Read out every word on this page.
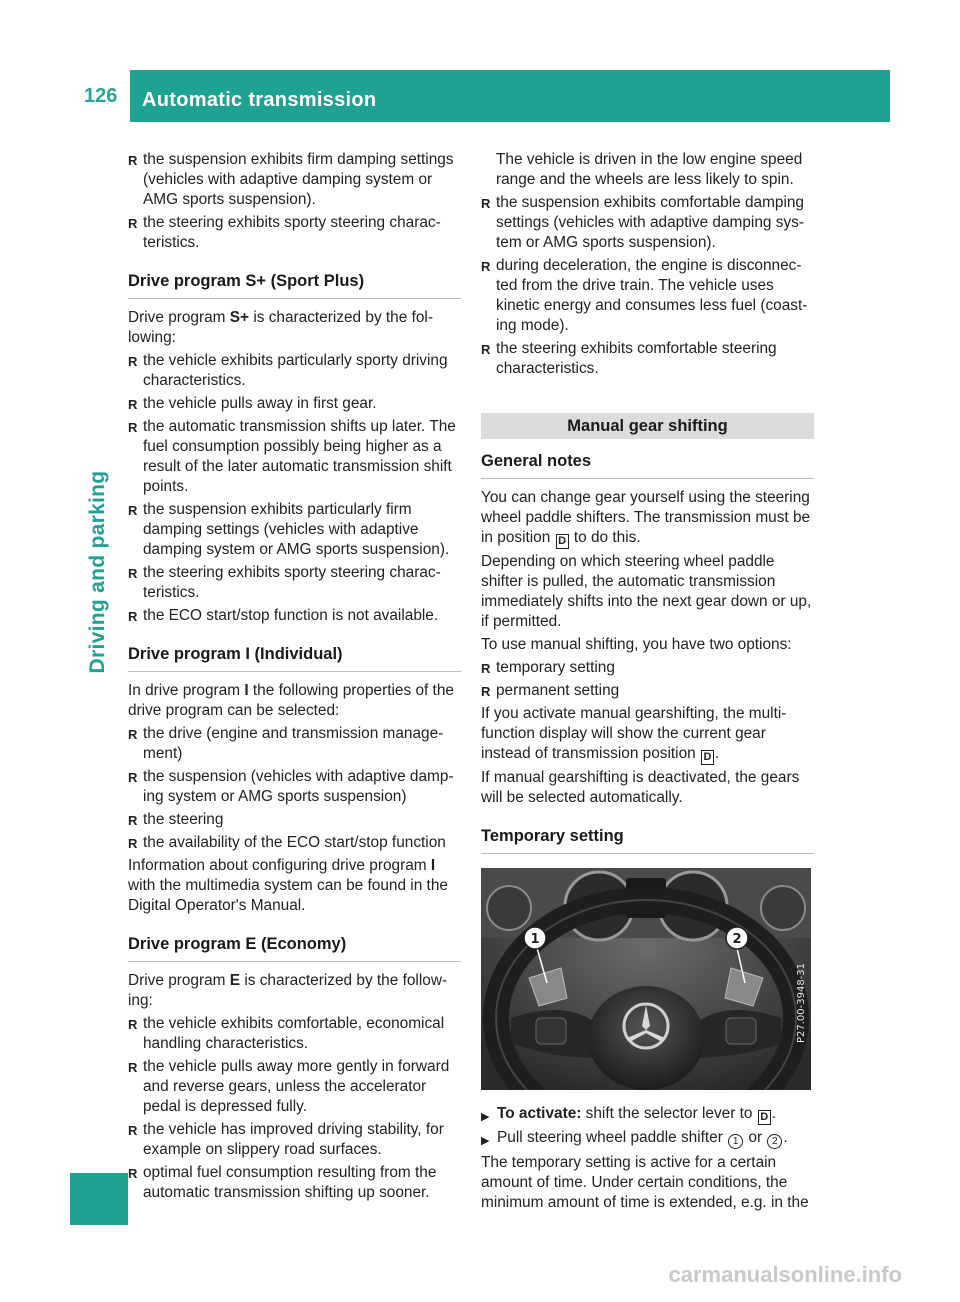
126	Automatic transmission
Driving and parking
R the suspension exhibits firm damping settings (vehicles with adaptive damping system or AMG sports suspension).
R the steering exhibits sporty steering characteristics.
Drive program S+ (Sport Plus)
Drive program S+ is characterized by the following:
R the vehicle exhibits particularly sporty driving characteristics.
R the vehicle pulls away in first gear.
R the automatic transmission shifts up later. The fuel consumption possibly being higher as a result of the later automatic transmission shift points.
R the suspension exhibits particularly firm damping settings (vehicles with adaptive damping system or AMG sports suspension).
R the steering exhibits sporty steering characteristics.
R the ECO start/stop function is not available.
Drive program I (Individual)
In drive program I the following properties of the drive program can be selected:
R the drive (engine and transmission management)
R the suspension (vehicles with adaptive damping system or AMG sports suspension)
R the steering
R the availability of the ECO start/stop function
Information about configuring drive program I with the multimedia system can be found in the Digital Operator's Manual.
Drive program E (Economy)
Drive program E is characterized by the following:
R the vehicle exhibits comfortable, economical handling characteristics.
R the vehicle pulls away more gently in forward and reverse gears, unless the accelerator pedal is depressed fully.
R the vehicle has improved driving stability, for example on slippery road surfaces.
R optimal fuel consumption resulting from the automatic transmission shifting up sooner.
The vehicle is driven in the low engine speed range and the wheels are less likely to spin.
R the suspension exhibits comfortable damping settings (vehicles with adaptive damping system or AMG sports suspension).
R during deceleration, the engine is disconnected from the drive train. The vehicle uses kinetic energy and consumes less fuel (coasting mode).
R the steering exhibits comfortable steering characteristics.
Manual gear shifting
General notes
You can change gear yourself using the steering wheel paddle shifters. The transmission must be in position D to do this.
Depending on which steering wheel paddle shifter is pulled, the automatic transmission immediately shifts into the next gear down or up, if permitted.
To use manual shifting, you have two options:
R temporary setting
R permanent setting
If you activate manual gearshifting, the multifunction display will show the current gear instead of transmission position D .
If manual gearshifting is deactivated, the gears will be selected automatically.
Temporary setting
1	2
P27.00-3948-31
▶ To activate: shift the selector lever to D .
▶ Pull steering wheel paddle shifter 1 or 2 .
The temporary setting is active for a certain amount of time. Under certain conditions, the minimum amount of time is extended, e.g. in the
carmanualsonline.info
